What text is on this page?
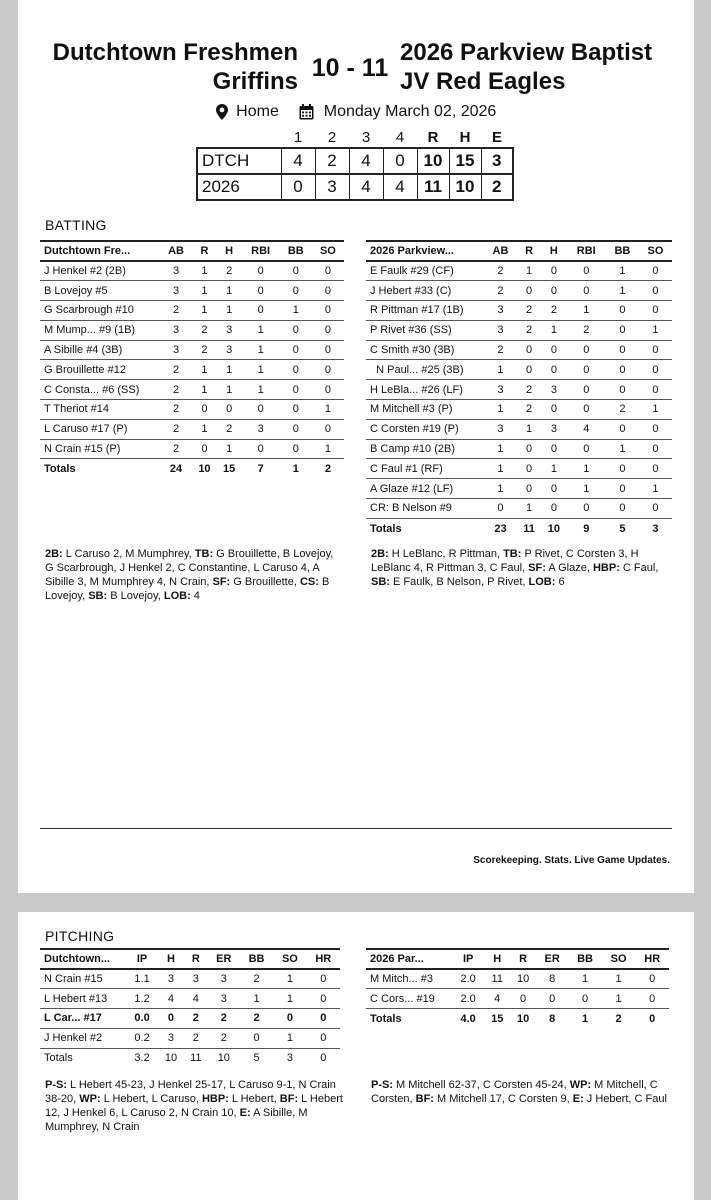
Dutchtown Freshmen
Griffins 10 - 11
2026 Parkview Baptist
JV Red Eagles
Home	Monday March 02, 2026
	1	2	3	4	R	H	E
DTCH	4	2	4	0	10	15	3
2026	0	3	4	4	11	10	2
BATTING
Dutchtown Fre...	AB	R	H	RBI	BB	SO
J Henkel #2 (2B)	3	1	2	0	0	0
B Lovejoy #5	3	1	1	0	0	0
G Scarbrough #10	2	1	1	0	1	0
M Mump... #9 (1B)	3	2	3	1	0	0
A Sibille #4 (3B)	3	2	3	1	0	0
G Brouillette #12	2	1	1	1	0	0
C Consta... #6 (SS)	2	1	1	1	0	0
T Theriot #14	2	0	0	0	0	1
L Caruso #17 (P)	2	1	2	3	0	0
N Crain #15 (P)	2	0	1	0	0	1
Totals	24	10	15	7	1	2
2026 Parkview...	AB	R	H	RBI	BB	SO
E Faulk #29 (CF)	2	1	0	0	1	0
J Hebert #33 (C)	2	0	0	0	1	0
R Pittman #17 (1B)	3	2	2	1	0	0
P Rivet #36 (SS)	3	2	1	2	0	1
C Smith #30 (3B)	2	0	0	0	0	0
N Paul... #25 (3B)	1	0	0	0	0	0
H LeBla... #26 (LF)	3	2	3	0	0	0
M Mitchell #3 (P)	1	2	0	0	2	1
C Corsten #19 (P)	3	1	3	4	0	0
B Camp #10 (2B)	1	0	0	0	1	0
C Faul #1 (RF)	1	0	1	1	0	0
A Glaze #12 (LF)	1	0	0	1	0	1
CR: B Nelson #9	0	1	0	0	0	0
Totals	23	11	10	9	5	3
2B: L Caruso 2, M Mumphrey, TB: G Brouillette, B Lovejoy, G Scarbrough, J Henkel 2, C Constantine, L Caruso 4, A Sibille 3, M Mumphrey 4, N Crain, SF: G Brouillette, CS: B Lovejoy, SB: B Lovejoy, LOB: 4
2B: H LeBlanc, R Pittman, TB: P Rivet, C Corsten 3, H LeBlanc 4, R Pittman 3, C Faul, SF: A Glaze, HBP: C Faul, SB: E Faulk, B Nelson, P Rivet, LOB: 6
Scorekeeping. Stats. Live Game Updates.
PITCHING
Dutchtown...	IP	H	R	ER	BB	SO	HR
N Crain #15	1.1	3	3	3	2	1	0
L Hebert #13	1.2	4	4	3	1	1	0
L Car... #17	0.0	0	2	2	2	0	0
J Henkel #2	0.2	3	2	2	0	1	0
Totals	3.2	10	11	10	5	3	0
2026 Par...	IP	H	R	ER	BB	SO	HR
M Mitch... #3	2.0	11	10	8	1	1	0
C Cors... #19	2.0	4	0	0	0	1	0
Totals	4.0	15	10	8	1	2	0
P-S: L Hebert 45-23, J Henkel 25-17, L Caruso 9-1, N Crain 38-20, WP: L Hebert, L Caruso, HBP: L Hebert, BF: L Hebert 12, J Henkel 6, L Caruso 2, N Crain 10, E: A Sibille, M Mumphrey, N Crain
P-S: M Mitchell 62-37, C Corsten 45-24, WP: M Mitchell, C Corsten, BF: M Mitchell 17, C Corsten 9, E: J Hebert, C Faul
